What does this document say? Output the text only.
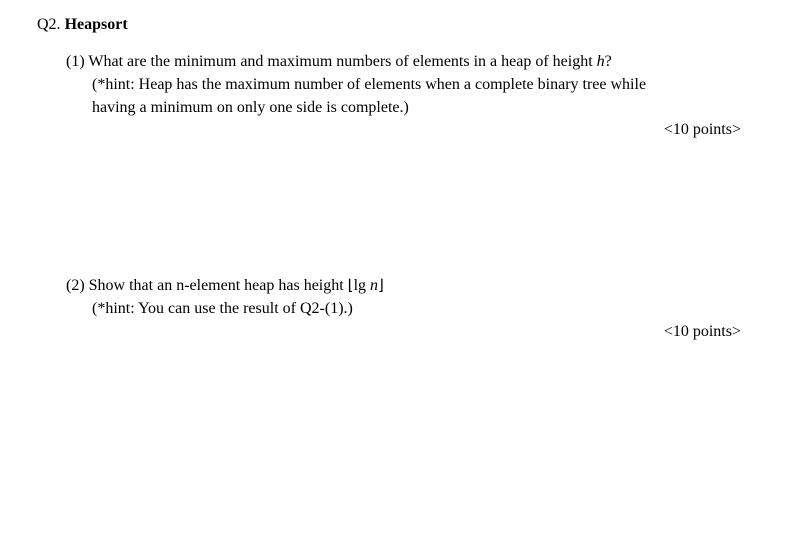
Q2. Heapsort
(1) What are the minimum and maximum numbers of elements in a heap of height h?
(*hint: Heap has the maximum number of elements when a complete binary tree while
having a minimum on only one side is complete.)
<10 points>
(2) Show that an n-element heap has height ⌊lg n⌋
(*hint: You can use the result of Q2-(1).)
<10 points>
